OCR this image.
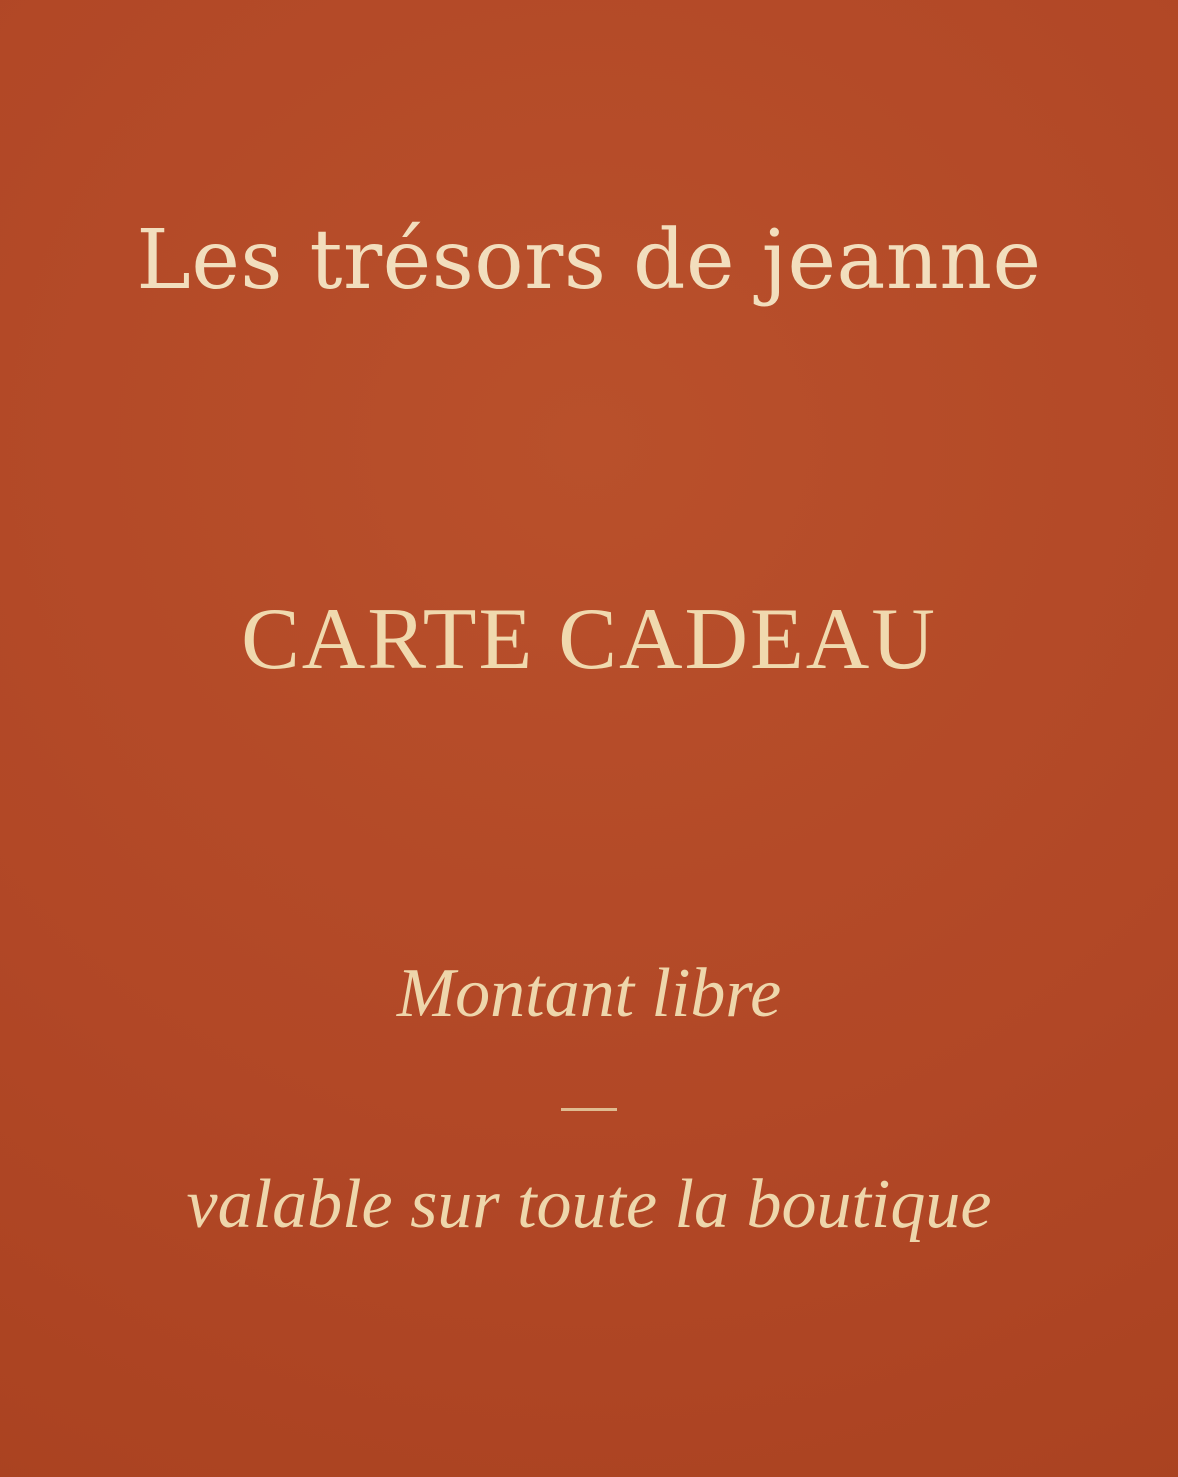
Les trésors de jeanne
CARTE CADEAU
Montant libre
valable sur toute la boutique
